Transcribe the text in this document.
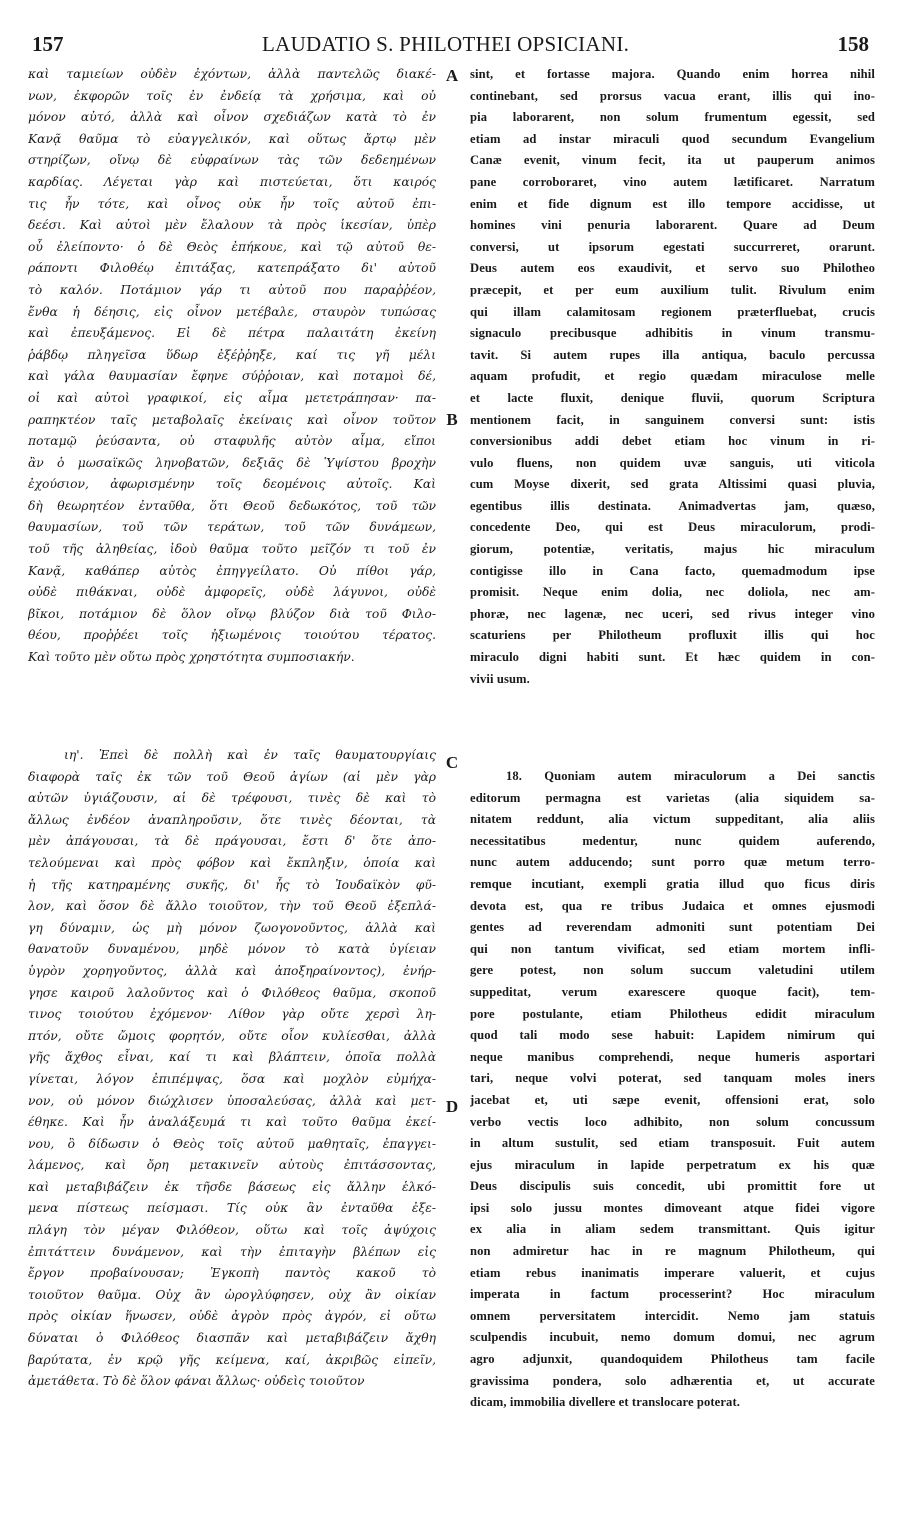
157	LAUDATIO S. PHILOTHEI OPSICIANI.	158
καὶ ταμιείων οὐδὲν ἐχόντων, ἀλλὰ παντελῶς διακέ-
νων, ἐκφορῶν τοῖς ἐν ἐνδείᾳ τὰ χρήσιμα, καὶ οὐ
μόνον αὐτό, ἀλλὰ καὶ οἶνον σχεδιάζων κατὰ τὸ ἐν
Κανᾷ θαῦμα τὸ εὐαγγελικόν, καὶ οὕτως ἄρτῳ μὲν
στηρίζων, οἴνῳ δὲ εὐφραίνων τὰς τῶν δεδεημένων
καρδίας. Λέγεται γὰρ καὶ πιστεύεται, ὅτι καιρός
τις ἦν τότε, καὶ οἶνος οὐκ ἦν τοῖς αὐτοῦ ἐπι-
δεέσι. Καὶ αὐτοὶ μὲν ἔλαλουν τὰ πρὸς ἱκεσίαν, ὑπὲρ
οὗ ἐλείποντο· ὁ δὲ Θεὸς ἐπήκουε, καὶ τῷ αὐτοῦ θε-
ράποντι Φιλοθέῳ ἐπιτάξας, κατεπράξατο δι' αὐτοῦ
τὸ καλόν. Ποτάμιον γάρ τι αὐτοῦ που παραῤῥέον,
ἔνθα ἡ δέησις, εἰς οἶνον μετέβαλε, σταυρὸν τυπώσας
καὶ ἐπευξάμενος. Εἰ δὲ πέτρα παλαιτάτη ἐκείνη
ῥάβδῳ πληγεῖσα ὕδωρ ἐξέῤῥηξε, καί τις γῆ μέλι
καὶ γάλα θαυμασίαν ἔφηνε σύῤῥοιαν, καὶ ποταμοὶ δέ,
οἱ καὶ αὐτοὶ γραφικοί, εἰς αἷμα μετετράπησαν· πα-
ραπηκτέον ταῖς μεταβολαῖς ἐκείναις καὶ οἶνον τοῦτον
ποταμῷ ῥεύσαντα, οὐ σταφυλῆς αὐτὸν αἷμα, εἴποι
ἂν ὁ μωσαϊκῶς ληνοβατῶν, δεξιᾶς δὲ Ὑψίστου βροχὴν
ἐχούσιον, ἀφωρισμένην τοῖς δεομένοις αὐτοῖς. Καὶ
δὴ θεωρητέον ἐνταῦθα, ὅτι Θεοῦ δεδωκότος, τοῦ τῶν
θαυμασίων, τοῦ τῶν τεράτων, τοῦ τῶν δυνάμεων,
τοῦ τῆς ἀληθείας, ἰδοὺ θαῦμα τοῦτο μεῖζόν τι τοῦ ἐν
Κανᾷ, καθάπερ αὐτὸς ἐπηγγείλατο. Οὐ πίθοι γάρ,
οὐδὲ πιθάκναι, οὐδὲ ἀμφορεῖς, οὐδὲ λάγυνοι, οὐδὲ
βῖκοι, ποτάμιον δὲ ὅλον οἴνῳ βλύζον διὰ τοῦ Φιλο-
θέου, προῤῥέει τοῖς ἠξιωμένοις τοιούτου τέρατος.
Καὶ τοῦτο μὲν οὕτω πρὸς χρηστότητα συμποσιακήν.
ιη'. Ἐπεὶ δὲ πολλὴ καὶ ἐν ταῖς θαυματουργίαις
διαφορὰ ταῖς ἐκ τῶν τοῦ Θεοῦ ἁγίων (αἱ μὲν γὰρ
αὐτῶν ὑγιάζουσιν, αἱ δὲ τρέφουσι, τινὲς δὲ καὶ τὸ
ἄλλως ἐνδέον ἀναπληροῦσιν, ὅτε τινὲς δέονται, τὰ
μὲν ἀπάγουσαι, τὰ δὲ πράγουσαι, ἔστι δ' ὅτε ἀπο-
τελούμεναι καὶ πρὸς φόβον καὶ ἔκπληξιν, ὁποία καὶ
ἡ τῆς κατηραμένης συκῆς, δι' ἧς τὸ Ἰουδαϊκὸν φῦ-
λον, καὶ ὅσον δὲ ἄλλο τοιοῦτον, τὴν τοῦ Θεοῦ ἐξεπλά-
γη δύναμιν, ὡς μὴ μόνον ζωογονοῦντος, ἀλλὰ καὶ
θανατοῦν δυναμένου, μηδὲ μόνον τὸ κατὰ ὑγίειαν
ὑγρὸν χορηγοῦντος, ἀλλὰ καὶ ἀποξηραίνοντος), ἐνήρ-
γησε καιροῦ λαλοῦντος καὶ ὁ Φιλόθεος θαῦμα, σκοποῦ
τινος τοιούτου ἐχόμενον· Λίθον γὰρ οὔτε χερσὶ λη-
πτόν, οὔτε ὤμοις φορητόν, οὔτε οἷον κυλίεσθαι, ἀλλὰ
γῆς ἄχθος εἶναι, καί τι καὶ βλάπτειν, ὁποῖα πολλὰ
γίνεται, λόγον ἐπιπέμψας, ὅσα καὶ μοχλὸν εὐμήχα-
νον, οὐ μόνον διώχλισεν ὑποσαλεύσας, ἀλλὰ καὶ μετ-
έθηκε. Καὶ ἦν ἀναλάξευμά τι καὶ τοῦτο θαῦμα ἐκεί-
νου, ὃ δίδωσιν ὁ Θεὸς τοῖς αὐτοῦ μαθηταῖς, ἐπαγγει-
λάμενος, καὶ ὄρη μετακινεῖν αὐτοὺς ἐπιτάσσοντας,
καὶ μεταβιβάζειν ἐκ τῆσδε βάσεως εἰς ἄλλην ἑλκό-
μενα πίστεως πείσμασι. Τίς οὐκ ἂν ἐνταῦθα ἐξε-
πλάγη τὸν μέγαν Φιλόθεον, οὕτω καὶ τοῖς ἀψύχοις
ἐπιτάττειν δυνάμενον, καὶ τὴν ἐπιταγὴν βλέπων εἰς
ἔργον προβαίνουσαν; Ἐγκοπὴ παντὸς κακοῦ τὸ
τοιοῦτον θαῦμα. Οὐχ ἂν ὠρογλύφησεν, οὐχ ἂν οἰκίαν
πρὸς οἰκίαν ἥνωσεν, οὐδὲ ἀγρὸν πρὸς ἀγρόν, εἰ οὕτω
δύναται ὁ Φιλόθεος διασπᾶν καὶ μεταβιβάζειν ἄχθη
βαρύτατα, ἐν κρῷ γῆς κείμενα, καί, ἀκριβῶς εἰπεῖν,
ἀμετάθετα. Τὸ δὲ ὅλον φάναι ἄλλως· οὐδεὶς τοιοῦτον
sint, et fortasse majora. Quando enim horrea nihil
continebant, sed prorsus vacua erant, illis qui ino-
pia laborarent, non solum frumentum egessit, sed
etiam ad instar miraculi quod secundum Evangelium
Canæ evenit, vinum fecit, ita ut pauperum animos
pane corroboraret, vino autem lætificaret. Narratum
enim et fide dignum est illo tempore accidisse, ut
homines vini penuria laborarent. Quare ad Deum
conversi, ut ipsorum egestati succurreret, orarunt.
Deus autem eos exaudivit, et servo suo Philotheo
præcepit, et per eum auxilium tulit. Rivulum enim
qui illam calamitosam regionem præterfluebat, crucis
signaculo precibusque adhibitis in vinum transmu-
tavit. Si autem rupes illa antiqua, baculo percussa
aquam profudit, et regio quædam miraculose melle
et lacte fluxit, denique fluvii, quorum Scriptura
mentionem facit, in sanguinem conversi sunt: istis
conversionibus addi debet etiam hoc vinum in ri-
vulo fluens, non quidem uvæ sanguis, uti viticola
cum Moyse dixerit, sed grata Altissimi quasi pluvia,
egentibus illis destinata. Animadvertas jam, quæso,
concedente Deo, qui est Deus miraculorum, prodi-
giorum, potentiæ, veritatis, majus hic miraculum
contigisse illo in Cana facto, quemadmodum ipse
promisit. Neque enim dolia, nec doliola, nec am-
phoræ, nec lagenæ, nec uceri, sed rivus integer vino
scaturiens per Philotheum profluxit illis qui hoc
miraculo digni habiti sunt. Et hæc quidem in con-
vivii usum.
18. Quoniam autem miraculorum a Dei sanctis
editorum permagna est varietas (alia siquidem sa-
nitatem reddunt, alia victum suppeditant, alia aliis
necessitatibus medentur, nunc quidem auferendo,
nunc autem adducendo; sunt porro quæ metum terro-
remque incutiant, exempli gratia illud quo ficus diris
devota est, qua re tribus Judaica et omnes ejusmodi
gentes ad reverendam admoniti sunt potentiam Dei
qui non tantum vivificat, sed etiam mortem infli-
gere potest, non solum succum valetudini utilem
suppeditat, verum exarescere quoque facit), tem-
pore postulante, etiam Philotheus edidit miraculum
quod tali modo sese habuit: Lapidem nimirum qui
neque manibus comprehendi, neque humeris asportari
tari, neque volvi poterat, sed tanquam moles iners
jacebat et, uti sæpe evenit, offensioni erat, solo
verbo vectis loco adhibito, non solum concussum
in altum sustulit, sed etiam transposuit. Fuit autem
ejus miraculum in lapide perpetratum ex his quæ
Deus discipulis suis concedit, ubi promittit fore ut
ipsi solo jussu montes dimoveant atque fidei vigore
ex alia in aliam sedem transmittant. Quis igitur
non admiretur hac in re magnum Philotheum, qui
etiam rebus inanimatis imperare valuerit, et cujus
imperata in factum processerint? Hoc miraculum
omnem perversitatem intercidit. Nemo jam statuis
sculpendis incubuit, nemo domum domui, nec agrum
agro adjunxit, quandoquidem Philotheus tam facile
gravissima pondera, solo adhærentia et, ut accurate
dicam, immobilia divellere et translocare poterat.
A
B
C
D
